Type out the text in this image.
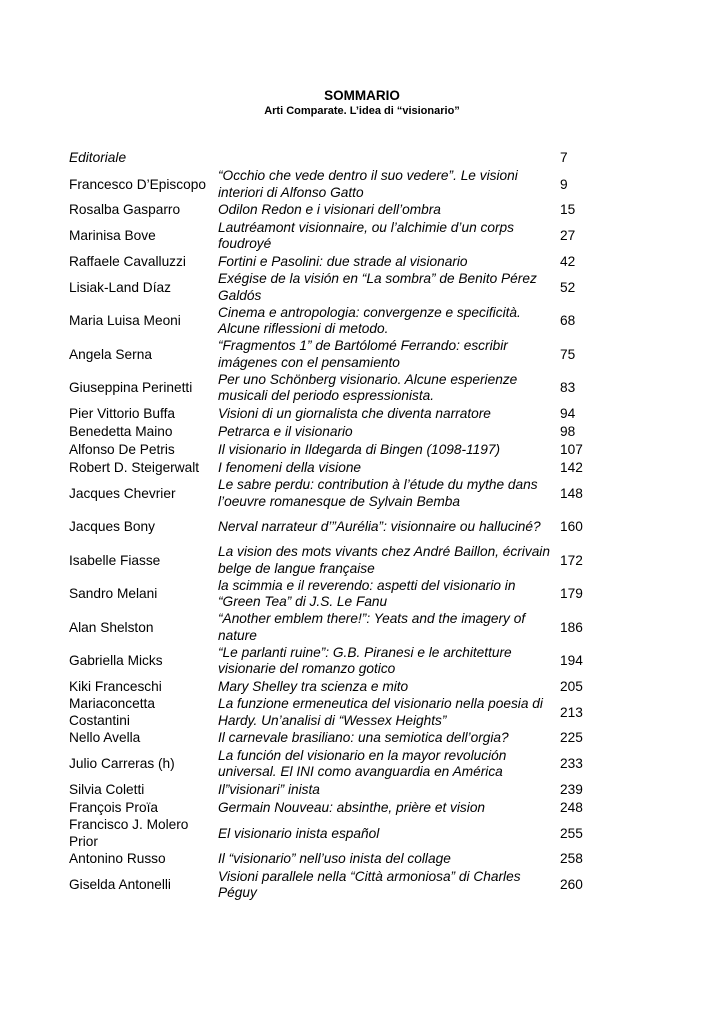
SOMMARIO
Arti Comparate. L’idea di “visionario”
Editoriale		7
Francesco D’Episcopo	“Occhio che vede dentro il suo vedere”. Le visioni interiori di Alfonso Gatto	9
Rosalba Gasparro	Odilon Redon e i visionari dell’ombra	15
Marinisa Bove	Lautréamont visionnaire, ou l’alchimie d’un corps foudroyé	27
Raffaele Cavalluzzi	Fortini e Pasolini: due strade al visionario	42
Lisiak-Land Díaz	Exégise de la visión en “La sombra” de Benito Pérez Galdós	52
Maria Luisa Meoni	Cinema e antropologia: convergenze e specificità. Alcune riflessioni di metodo.	68
Angela Serna	“Fragmentos 1” de Bartólomé Ferrando: escribir imágenes con el pensamiento	75
Giuseppina Perinetti	Per uno Schönberg visionario. Alcune esperienze musicali del periodo espressionista.	83
Pier Vittorio Buffa	Visioni di un giornalista che diventa narratore	94
Benedetta Maino	Petrarca e il visionario	98
Alfonso De Petris	Il visionario in Ildegarda di Bingen (1098-1197)	107
Robert D. Steigerwalt	I fenomeni della visione	142
Jacques Chevrier	Le sabre perdu: contribution à l’étude du mythe dans l’oeuvre romanesque de Sylvain Bemba	148
Jacques Bony	Nerval narrateur d’”Aurélia”: visionnaire ou halluciné?	160
Isabelle Fiasse	La vision des mots vivants chez André Baillon, écrivain belge de langue française	172
Sandro Melani	la scimmia e il reverendo: aspetti del visionario in “Green Tea” di J.S. Le Fanu	179
Alan Shelston	“Another emblem there!”: Yeats and the imagery of nature	186
Gabriella Micks	“Le parlanti ruine”: G.B. Piranesi e le architetture visionarie del romanzo gotico	194
Kiki Franceschi	Mary Shelley tra scienza e mito	205
Mariaconcetta Costantini	La funzione ermeneutica del visionario nella poesia di Hardy. Un’analisi di “Wessex Heights”	213
Nello Avella	Il carnevale brasiliano: una semiotica dell’orgia?	225
Julio Carreras (h)	La función del visionario en la mayor revolución universal. El INI como avanguardia en América	233
Silvia Coletti	Il”visionari” inista	239
François Proïa	Germain Nouveau: absinthe, prière et vision	248
Francisco J. Molero Prior	El visionario inista español	255
Antonino Russo	Il “visionario” nell’uso inista del collage	258
Giselda Antonelli	Visioni parallele nella “Città armoniosa” di Charles Péguy	260
